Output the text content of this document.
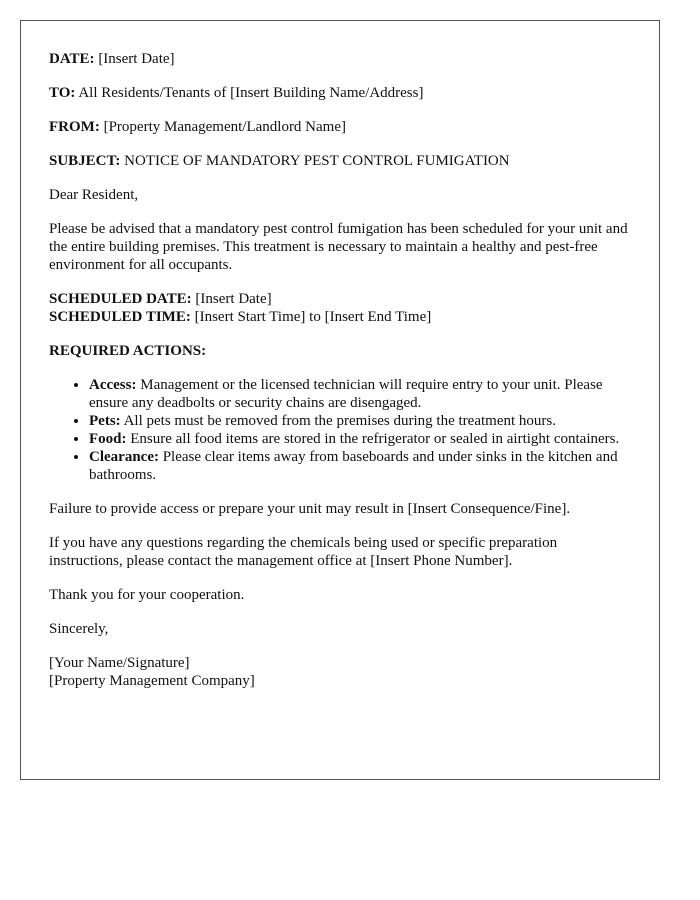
DATE: [Insert Date]

TO: All Residents/Tenants of [Insert Building Name/Address]

FROM: [Property Management/Landlord Name]

SUBJECT: NOTICE OF MANDATORY PEST CONTROL FUMIGATION

Dear Resident,

Please be advised that a mandatory pest control fumigation has been scheduled for your unit and the entire building premises. This treatment is necessary to maintain a healthy and pest-free environment for all occupants.

SCHEDULED DATE: [Insert Date]

SCHEDULED TIME: [Insert Start Time] to [Insert End Time]

REQUIRED ACTIONS:

• Access: Management or the licensed technician will require entry to your unit. Please ensure any deadbolts or security chains are disengaged.
• Pets: All pets must be removed from the premises during the treatment hours.
• Food: Ensure all food items are stored in the refrigerator or sealed in airtight containers.
• Clearance: Please clear items away from baseboards and under sinks in the kitchen and bathrooms.

Failure to provide access or prepare your unit may result in [Insert Consequence/Fine].

If you have any questions regarding the chemicals being used or specific preparation instructions, please contact the management office at [Insert Phone Number].

Thank you for your cooperation.

Sincerely,

[Your Name/Signature]

[Property Management Company]
